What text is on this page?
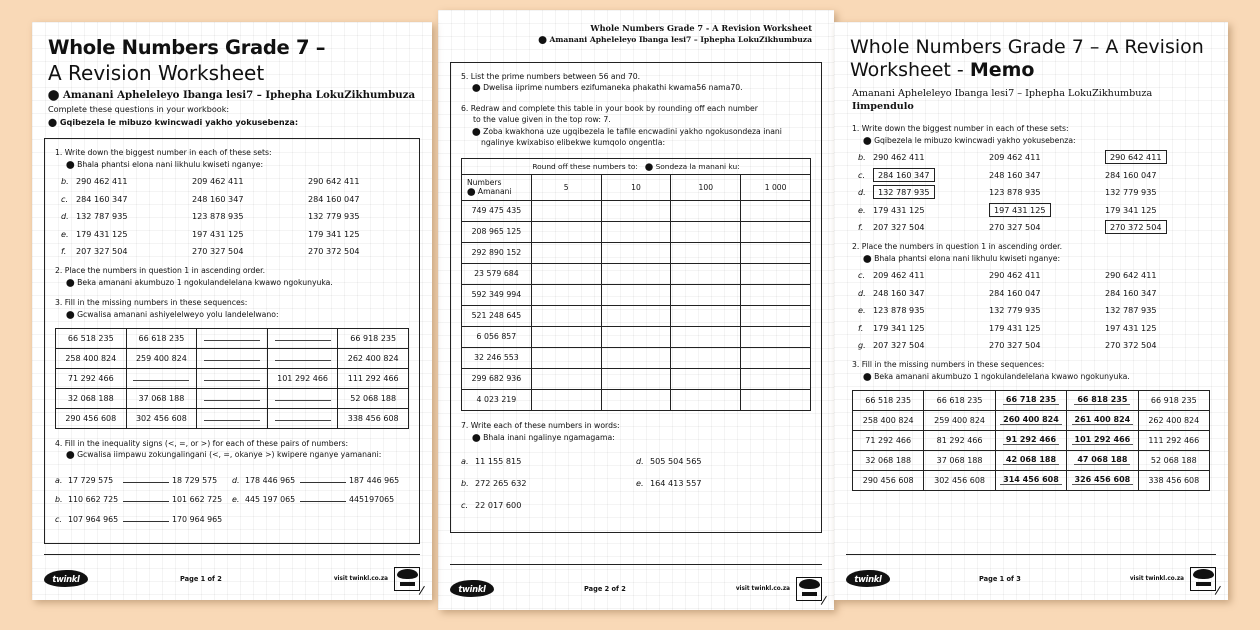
Whole Numbers Grade 7 –
A Revision Worksheet
⬤ Amanani Apheleleyo Ibanga lesi7 – Iphepha LokuZikhumbuza
Complete these questions in your workbook:
⬤ Gqibezela le mibuzo kwincwadi yakho yokusebenza:
1. Write down the biggest number in each of these sets:
⬤ Bhala phantsi elona nani likhulu kwiseti nganye:
b. 290 462 411	209 462 411	290 642 411
c. 284 160 347	248 160 347	284 160 047
d. 132 787 935	123 878 935	132 779 935
e. 179 431 125	197 431 125	179 341 125
f.	207 327 504	270 327 504	270 372 504
2. Place the numbers in question 1 in ascending order.
⬤ Beka amanani akumbuzo 1 ngokulandelelana kwawo ngokunyuka.
3. Fill in the missing numbers in these sequences:
⬤ Gcwalisa amanani ashiyelelweyo yolu landelelwano:
66 518 235	66 618 235			66 918 235
258 400 824	259 400 824			262 400 824
71 292 466			101 292 466	111 292 466
32 068 188	37 068 188			52 068 188
290 456 608	302 456 608			338 456 608
4. Fill in the inequality signs (<, =, or >) for each of these pairs of numbers:
⬤ Gcwalisa iimpawu zokungalingani (<, =, okanye >) kwipere nganye yamanani:
a. 17 729 575	18 729 575
b. 110 662 725	101 662 725
c. 107 964 965	170 964 965
d. 178 446 965	187 446 965
e. 445 197 065	445197065
twinkl	Page 1 of 2	visit twinkl.co.za
Whole Numbers Grade 7 - A Revision Worksheet
⬤ Amanani Apheleleyo Ibanga lesi7 – Iphepha LokuZikhumbuza
5. List the prime numbers between 56 and 70.
⬤ Dwelisa iiprime numbers ezifumaneka phakathi kwama56 nama70.
6. Redraw and complete this table in your book by rounding off each number
to the value given in the top row: 7.
⬤ Zoba kwakhona uze ugqibezela le tafile encwadini yakho ngokusondeza inani
ngalinye kwixabiso elibekwe kumqolo ongentla:
Round off these numbers to: ⬤ Sondeza la manani ku:				
Numbers
⬤ Amanani	5	10	100	1 000
749 475 435				
208 965 125				
292 890 152				
23 579 684				
592 349 994				
521 248 645				
6 056 857				
32 246 553				
299 682 936				
4 023 219				
7. Write each of these numbers in words:
⬤ Bhala inani ngalinye ngamagama:
a. 11 155 815
b. 272 265 632
c. 22 017 600
d. 505 504 565
e. 164 413 557
twinkl	Page 2 of 2	visit twinkl.co.za
Whole Numbers Grade 7 – A Revision Worksheet - Memo
Amanani Apheleleyo Ibanga lesi7 – Iphepha LokuZikhumbuza
Iimpendulo
1. Write down the biggest number in each of these sets:
⬤ Gqibezela le mibuzo kwincwadi yakho yokusebenza:
b. 290 462 411	209 462 411	290 642 411
c.	284 160 347	248 160 347	284 160 047
d.	132 787 935	123 878 935	132 779 935
e. 179 431 125	197 431 125	179 341 125
f.	207 327 504	270 327 504	270 372 504
2. Place the numbers in question 1 in ascending order.
⬤ Bhala phantsi elona nani likhulu kwiseti nganye:
c. 209 462 411	290 462 411	290 642 411
d. 248 160 347	284 160 047	284 160 347
e. 123 878 935	132 779 935	132 787 935
f.	179 341 125	179 431 125	197 431 125
g. 207 327 504	270 327 504	270 372 504
3. Fill in the missing numbers in these sequences:
⬤ Beka amanani akumbuzo 1 ngokulandelelana kwawo ngokunyuka.
66 518 235	66 618 235	66 718 235	66 818 235	66 918 235
258 400 824	259 400 824	260 400 824	261 400 824	262 400 824
71 292 466	81 292 466	91 292 466	101 292 466	111 292 466
32 068 188	37 068 188	42 068 188	47 068 188	52 068 188
290 456 608	302 456 608	314 456 608	326 456 608	338 456 608
twinkl	Page 1 of 3	visit twinkl.co.za
